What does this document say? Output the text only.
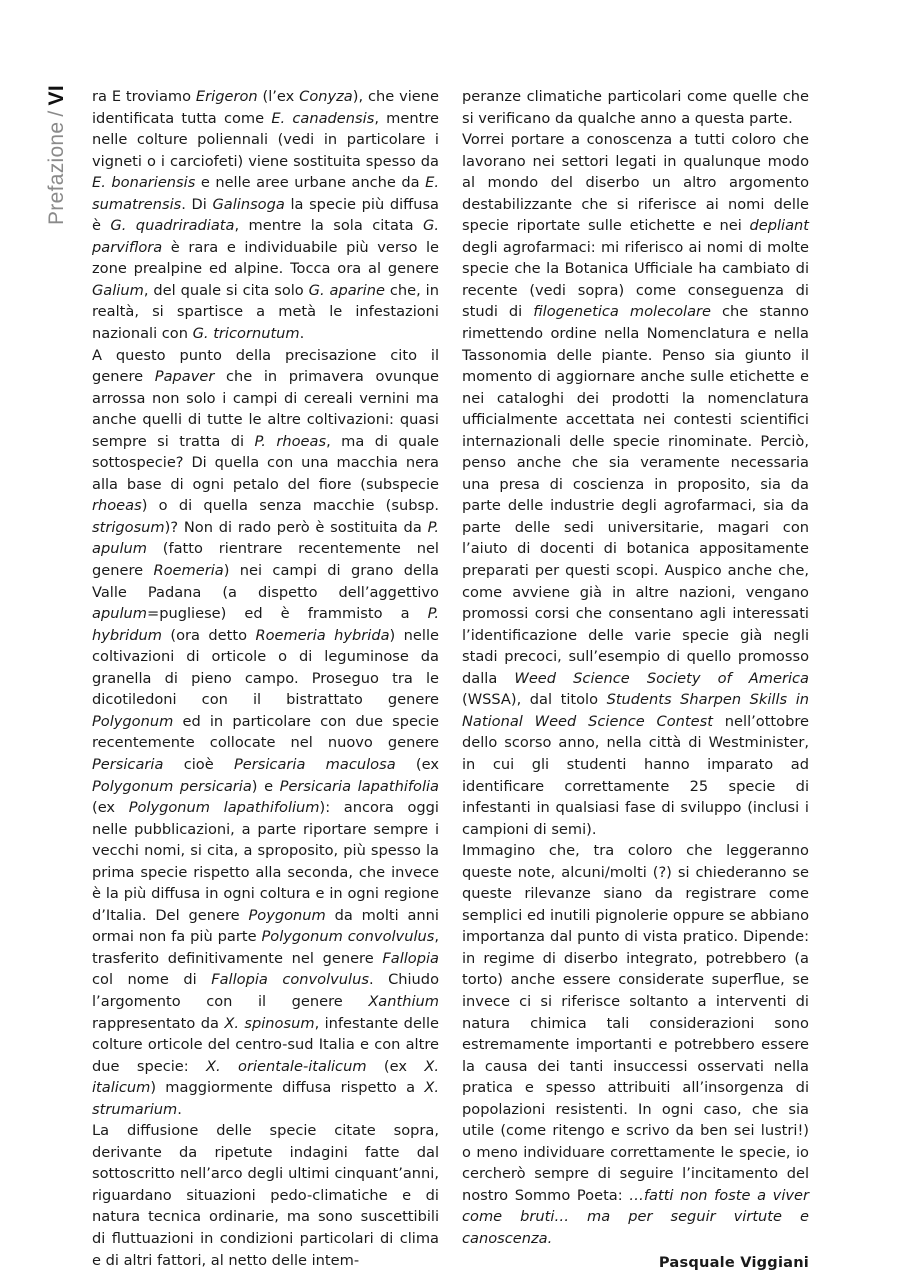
Prefazione/VI ra E troviamo Erigeron (l’ex Conyza), che viene identificata tutta come E. canadensis, mentre nelle colture poliennali (vedi in particolare i vigneti o i carciofeti) viene sostituita spesso da E. bonariensis e nelle aree urbane anche da E. sumatrensis. Di Galinsoga la specie più diffusa è G. quadriradiata, mentre la sola citata G. parviflora è rara e individuabile più verso le zone prealpine ed alpine. Tocca ora al genere Galium, del quale si cita solo G. aparine che, in realtà, si spartisce a metà le infestazioni nazionali con G. tricornutum.

A questo punto della precisazione cito il genere Papaver che in primavera ovunque arrossa non solo i campi di cereali vernini ma anche quelli di tutte le altre coltivazioni: quasi sempre si tratta di P. rhoeas, ma di quale sottospecie? Di quella con una macchia nera alla base di ogni petalo del fiore (subspecie rhoeas) o di quella senza macchie (subsp. strigosum)? Non di rado però è sostituita da P. apulum (fatto rientrare recentemente nel genere Roemeria) nei campi di grano della Valle Padana (a dispetto dell’aggettivo apulum=pugliese) ed è frammisto a P. hybridum (ora detto Roemeria hybrida) nelle coltivazioni di orticole o di leguminose da granella di pieno campo. Proseguo tra le dicotiledoni con il bistrattato genere Polygonum ed in particolare con due specie recentemente collocate nel nuovo genere Persicaria cioè Persicaria maculosa (ex Polygonum persicaria) e Persicaria lapathifolia (ex Polygonum lapathifolium): ancora oggi nelle pubblicazioni, a parte riportare sempre i vecchi nomi, si cita, a sproposito, più spesso la prima specie rispetto alla seconda, che invece è la più diffusa in ogni coltura e in ogni regione d’Italia. Del genere Poygonum da molti anni ormai non fa più parte Polygonum convolvulus, trasferito definitivamente nel genere Fallopia col nome di Fallopia convolvulus. Chiudo l’argomento con il genere Xanthium rappresentato da X. spinosum, infestante delle colture orticole del centro-sud Italia e con altre due specie: X. orientale-italicum (ex X. italicum) maggiormente diffusa rispetto a X. strumarium.

La diffusione delle specie citate sopra, derivante da ripetute indagini fatte dal sottoscritto nell’arco degli ultimi cinquant’anni, riguardano situazioni pedo-climatiche e di natura tecnica ordinarie, ma sono suscettibili di fluttuazioni in condizioni particolari di clima e di altri fattori, al netto delle intem-

peranze climatiche particolari come quelle che si verificano da qualche anno a questa parte.

Vorrei portare a conoscenza a tutti coloro che lavorano nei settori legati in qualunque modo al mondo del diserbo un altro argomento destabilizzante che si riferisce ai nomi delle specie riportate sulle etichette e nei depliant degli agrofarmaci: mi riferisco ai nomi di molte specie che la Botanica Ufficiale ha cambiato di recente (vedi sopra) come conseguenza di studi di filogenetica molecolare che stanno rimettendo ordine nella Nomenclatura e nella Tassonomia delle piante. Penso sia giunto il momento di aggiornare anche sulle etichette e nei cataloghi dei prodotti la nomenclatura ufficialmente accettata nei contesti scientifici internazionali delle specie rinominate. Perciò, penso anche che sia veramente necessaria una presa di coscienza in proposito, sia da parte delle industrie degli agrofarmaci, sia da parte delle sedi universitarie, magari con l’aiuto di docenti di botanica appositamente preparati per questi scopi. Auspico anche che, come avviene già in altre nazioni, vengano promossi corsi che consentano agli interessati l’identificazione delle varie specie già negli stadi precoci, sull’esempio di quello promosso dalla Weed Science Society of America (WSSA), dal titolo Students Sharpen Skills in National Weed Science Contest nell’ottobre dello scorso anno, nella città di Westminister, in cui gli studenti hanno imparato ad identificare correttamente 25 specie di infestanti in qualsiasi fase di sviluppo (inclusi i campioni di semi).

Immagino che, tra coloro che leggeranno queste note, alcuni/molti (?) si chiederanno se queste rilevanze siano da registrare come semplici ed inutili pignolerie oppure se abbiano importanza dal punto di vista pratico. Dipende: in regime di diserbo integrato, potrebbero (a torto) anche essere considerate superflue, se invece ci si riferisce soltanto a interventi di natura chimica tali considerazioni sono estremamente importanti e potrebbero essere la causa dei tanti insuccessi osservati nella pratica e spesso attribuiti all’insorgenza di popolazioni resistenti. In ogni caso, che sia utile (come ritengo e scrivo da ben sei lustri!) o meno individuare correttamente le specie, io cercherò sempre di seguire l’incitamento del nostro Sommo Poeta: …fatti non foste a viver come bruti… ma per seguir virtute e canoscenza.

Pasquale Viggiani
